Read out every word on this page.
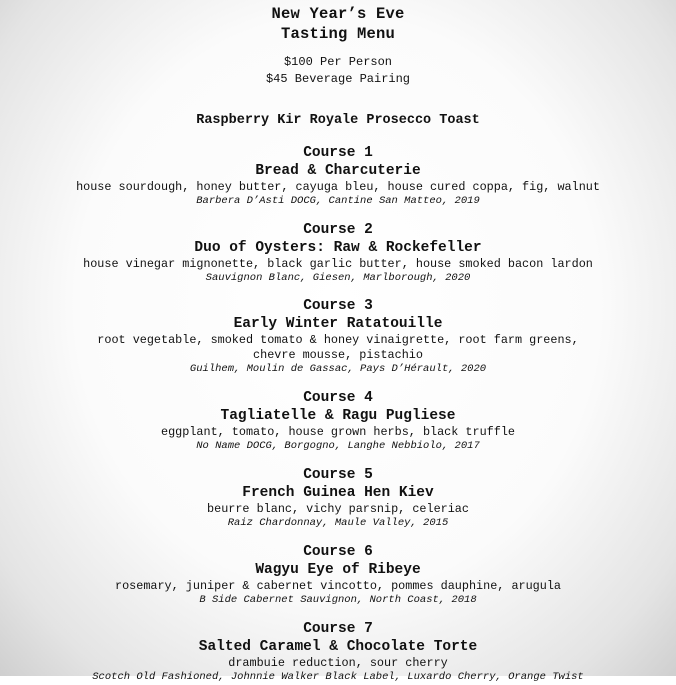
New Year’s Eve
Tasting Menu
$100 Per Person
$45 Beverage Pairing
Raspberry Kir Royale Prosecco Toast
Course 1
Bread & Charcuterie
house sourdough, honey butter, cayuga bleu, house cured coppa, fig, walnut
Barbera D’Asti DOCG, Cantine San Matteo, 2019
Course 2
Duo of Oysters: Raw & Rockefeller
house vinegar mignonette, black garlic butter, house smoked bacon lardon
Sauvignon Blanc, Giesen, Marlborough, 2020
Course 3
Early Winter Ratatouille
root vegetable, smoked tomato & honey vinaigrette, root farm greens,
chevre mousse, pistachio
Guilhem, Moulin de Gassac, Pays D’Hérault, 2020
Course 4
Tagliatelle & Ragu Pugliese
eggplant, tomato, house grown herbs, black truffle
No Name DOCG, Borgogno, Langhe Nebbiolo, 2017
Course 5
French Guinea Hen Kiev
beurre blanc, vichy parsnip, celeriac
Raiz Chardonnay, Maule Valley, 2015
Course 6
Wagyu Eye of Ribeye
rosemary, juniper & cabernet vincotto, pommes dauphine, arugula
B Side Cabernet Sauvignon, North Coast, 2018
Course 7
Salted Caramel & Chocolate Torte
drambuie reduction, sour cherry
Scotch Old Fashioned, Johnnie Walker Black Label, Luxardo Cherry, Orange Twist
